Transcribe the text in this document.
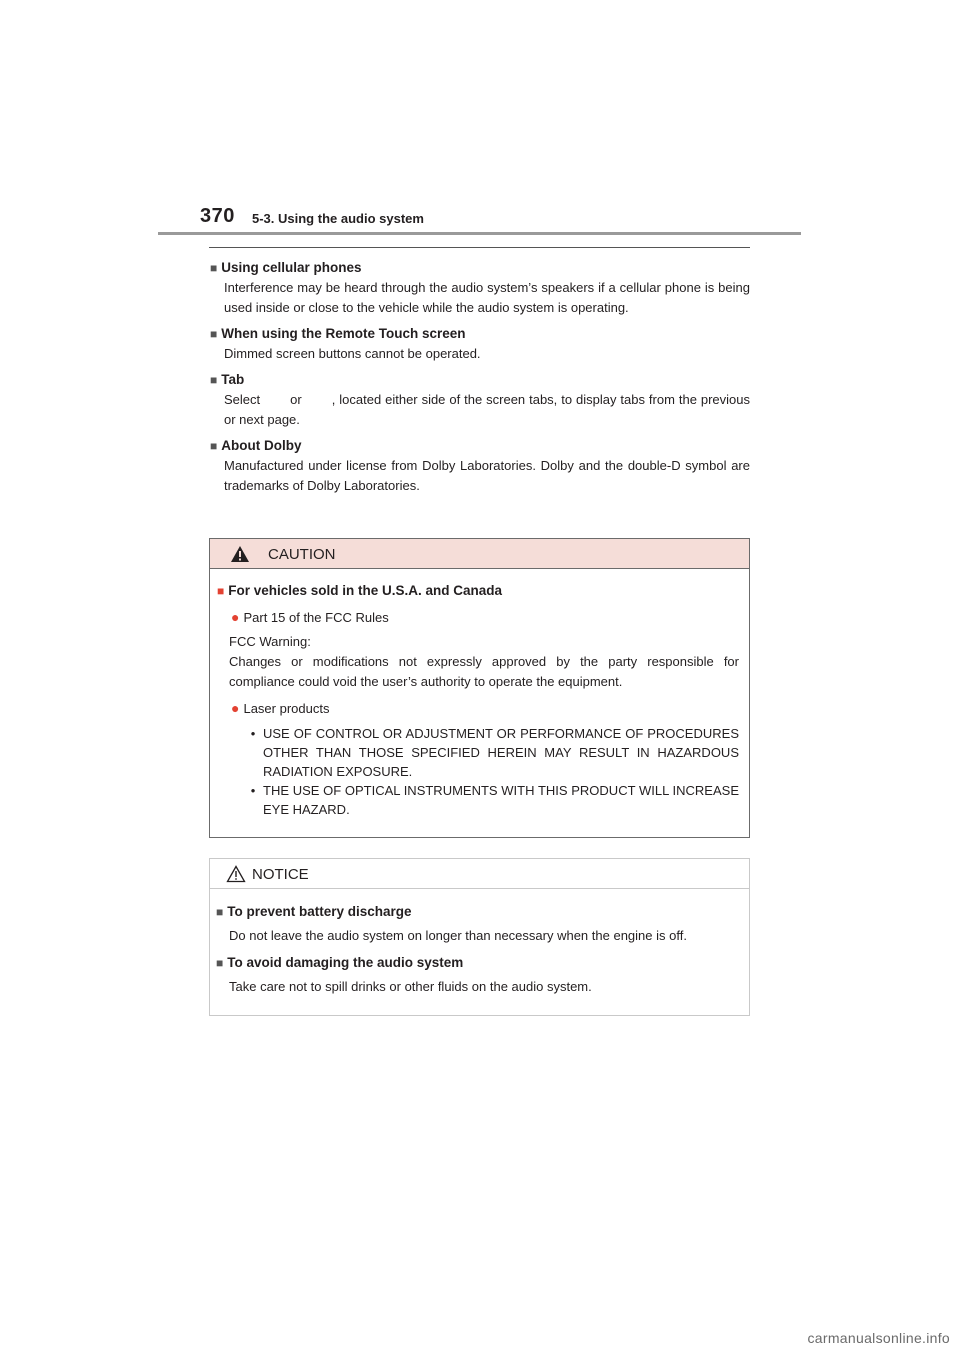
370 5-3. Using the audio system
■ Using cellular phones
Interference may be heard through the audio system’s speakers if a cellular phone is being used inside or close to the vehicle while the audio system is operating.
■ When using the Remote Touch screen
Dimmed screen buttons cannot be operated.
■ Tab
Select or , located either side of the screen tabs, to display tabs from the previous or next page.
■ About Dolby
Manufactured under license from Dolby Laboratories. Dolby and the double-D symbol are trademarks of Dolby Laboratories.
CAUTION
■ For vehicles sold in the U.S.A. and Canada
● Part 15 of the FCC Rules
FCC Warning:
Changes or modifications not expressly approved by the party responsible for compliance could void the user’s authority to operate the equipment.
● Laser products
• USE OF CONTROL OR ADJUSTMENT OR PERFORMANCE OF PROCEDURES OTHER THAN THOSE SPECIFIED HEREIN MAY RESULT IN HAZARDOUS RADIATION EXPOSURE.
• THE USE OF OPTICAL INSTRUMENTS WITH THIS PRODUCT WILL INCREASE EYE HAZARD.
NOTICE
■ To prevent battery discharge
Do not leave the audio system on longer than necessary when the engine is off.
■ To avoid damaging the audio system
Take care not to spill drinks or other fluids on the audio system.
carmanualsonline.info
